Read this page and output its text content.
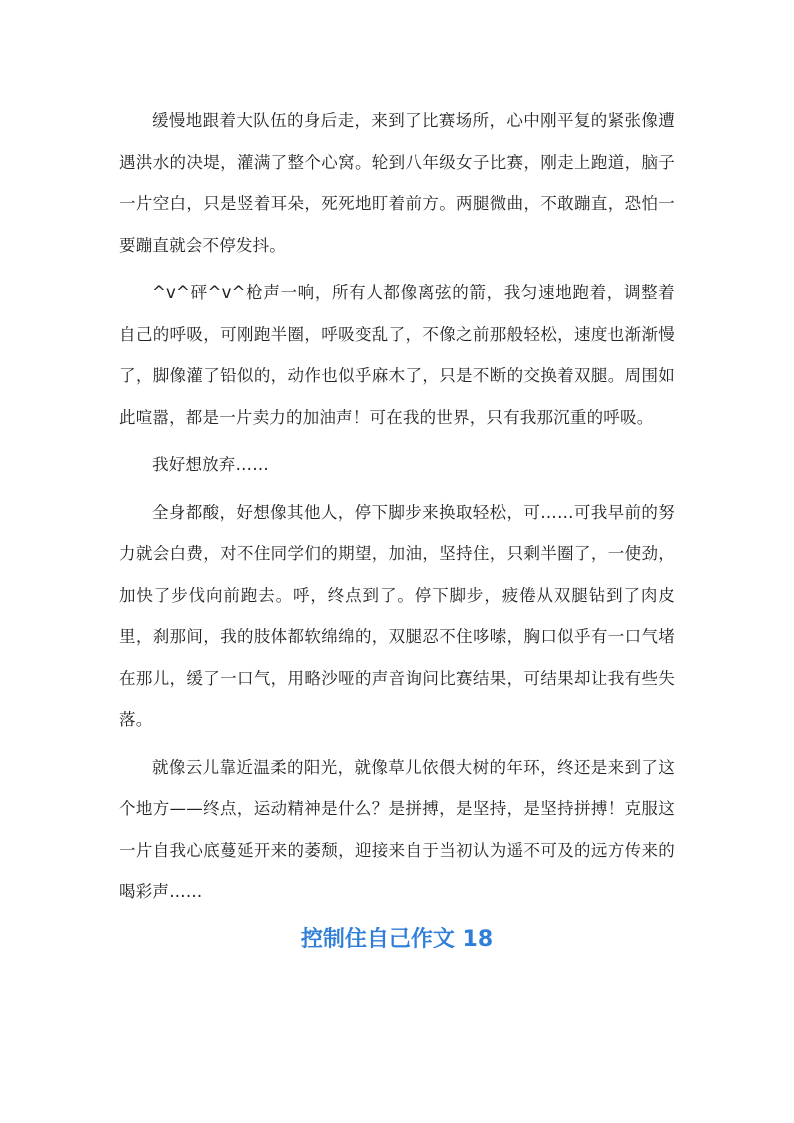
缓慢地跟着大队伍的身后走，来到了比赛场所，心中刚平复的紧张像遭遇洪水的决堤，灌满了整个心窝。轮到八年级女子比赛，刚走上跑道，脑子一片空白，只是竖着耳朵，死死地盯着前方。两腿微曲，不敢蹦直，恐怕一要蹦直就会不停发抖。

^v^砰^v^枪声一响，所有人都像离弦的箭，我匀速地跑着，调整着自己的呼吸，可刚跑半圈，呼吸变乱了，不像之前那般轻松，速度也渐渐慢了，脚像灌了铅似的，动作也似乎麻木了，只是不断的交换着双腿。周围如此喧嚣，都是一片卖力的加油声！可在我的世界，只有我那沉重的呼吸。

我好想放弃……

全身都酸，好想像其他人，停下脚步来换取轻松，可……可我早前的努力就会白费，对不住同学们的期望，加油，坚持住，只剩半圈了，一使劲，加快了步伐向前跑去。呼，终点到了。停下脚步，疲倦从双腿钻到了肉皮里，刹那间，我的肢体都软绵绵的，双腿忍不住哆嗦，胸口似乎有一口气堵在那儿，缓了一口气，用略沙哑的声音询问比赛结果，可结果却让我有些失落。

就像云儿靠近温柔的阳光，就像草儿依偎大树的年环，终还是来到了这个地方——终点，运动精神是什么？是拼搏，是坚持，是坚持拼搏！克服这一片自我心底蔓延开来的萎颓，迎接来自于当初认为遥不可及的远方传来的喝彩声……

控制住自己作文 18
